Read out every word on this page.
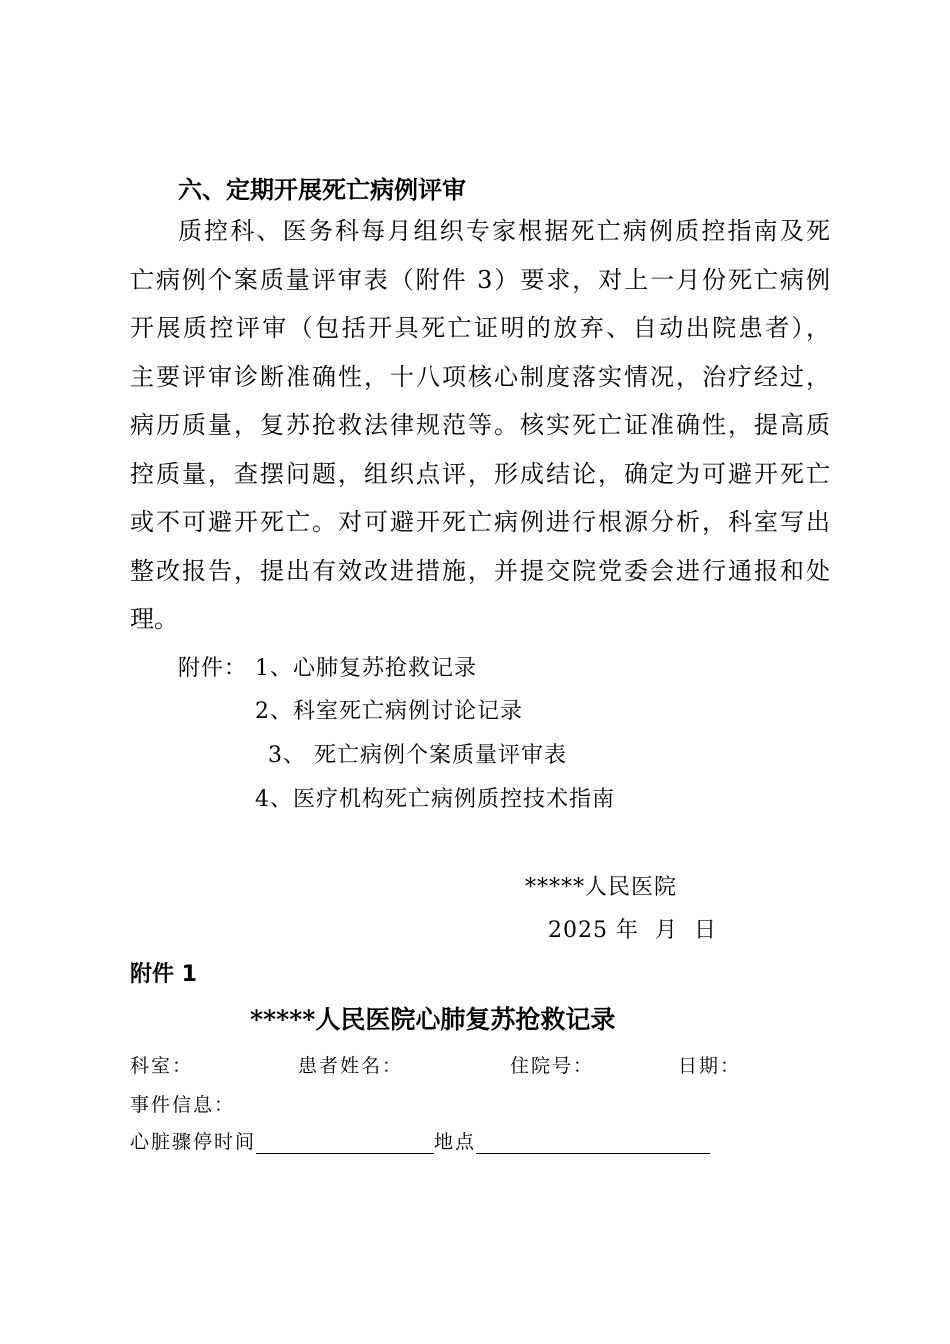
六、定期开展死亡病例评审
质控科、医务科每月组织专家根据死亡病例质控指南及死
亡病例个案质量评审表（附件 3）要求，对上一月份死亡病例
开展质控评审（包括开具死亡证明的放弃、自动出院患者），
主要评审诊断准确性，十八项核心制度落实情况，治疗经过，
病历质量，复苏抢救法律规范等。核实死亡证准确性，提高质
控质量，查摆问题，组织点评，形成结论，确定为可避开死亡
或不可避开死亡。对可避开死亡病例进行根源分析，科室写出
整改报告，提出有效改进措施，并提交院党委会进行通报和处
理。
附件： 1、心肺复苏抢救记录
2、科室死亡病例讨论记录
3、 死亡病例个案质量评审表
4、医疗机构死亡病例质控技术指南
*****人民医院
2025 年  月  日
附件 1
*****人民医院心肺复苏抢救记录
科室：	患者姓名：	住院号：	日期：
事件信息：
心脏骤停时间	地点
